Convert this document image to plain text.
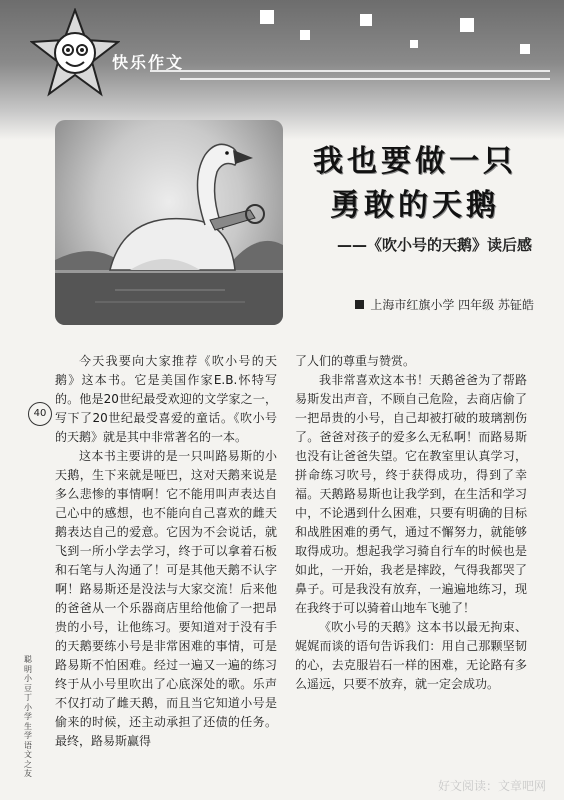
快乐作文
我也要做一只
勇敢的天鹅
——《吹小号的天鹅》读后感
上海市红旗小学 四年级 苏钲皓
40
聪明小豆丁 小学生学语文之友

今天我要向大家推荐《吹小号的天鹅》这本书。它是美国作家E.B.怀特写的。他是20世纪最受欢迎的文学家之一，写下了20世纪最受喜爱的童话。《吹小号的天鹅》就是其中非常著名的一本。

这本书主要讲的是一只叫路易斯的小天鹅，生下来就是哑巴，这对天鹅来说是多么悲惨的事情啊！它不能用叫声表达自己心中的感想，也不能向自己喜欢的雌天鹅表达自己的爱意。它因为不会说话，就飞到一所小学去学习，终于可以拿着石板和石笔与人沟通了！可是其他天鹅不认字啊！路易斯还是没法与大家交流！后来他的爸爸从一个乐器商店里给他偷了一把昂贵的小号，让他练习。要知道对于没有手的天鹅要练小号是非常困难的事情，可是路易斯不怕困难。经过一遍又一遍的练习终于从小号里吹出了心底深处的歌。乐声不仅打动了雌天鹅，而且当它知道小号是偷来的时候，还主动承担了还债的任务。最终，路易斯赢得

了人们的尊重与赞赏。

我非常喜欢这本书！天鹅爸爸为了帮路易斯发出声音，不顾自己危险，去商店偷了一把昂贵的小号，自己却被打破的玻璃割伤了。爸爸对孩子的爱多么无私啊！而路易斯也没有让爸爸失望。它在教室里认真学习，拼命练习吹号，终于获得成功，得到了幸福。天鹅路易斯也让我学到，在生活和学习中，不论遇到什么困难，只要有明确的目标和战胜困难的勇气，通过不懈努力，就能够取得成功。想起我学习骑自行车的时候也是如此，一开始，我老是摔跤，气得我都哭了鼻子。可是我没有放弃，一遍遍地练习，现在我终于可以骑着山地车飞驰了！

《吹小号的天鹅》这本书以最无拘束、娓娓而谈的语句告诉我们：用自己那颗坚韧的心，去克服岩石一样的困难，无论路有多么遥远，只要不放弃，就一定会成功。

好文阅读：文章吧网
